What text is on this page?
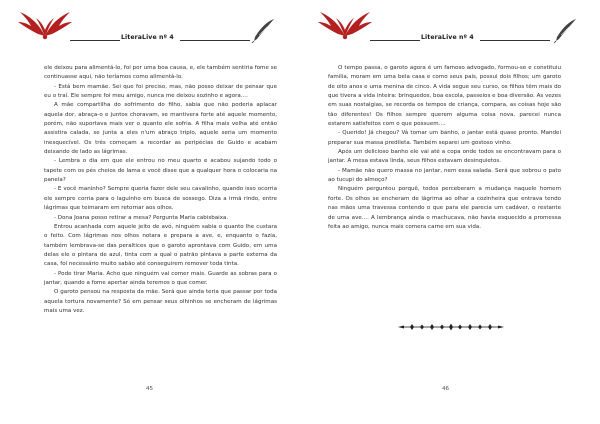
LiteraLive nº 4

ele deixou para alimentá-lo, foi por uma boa causa, e, ele também sentiria fome se continuasse aqui, não teríamos como alimentá-lo.

- Está bem mamãe. Sei que foi preciso, mas, não posso deixar de pensar que eu o traí. Ele sempre foi meu amigo, nunca me deixou sozinho e agora....

A mãe compartilha do sofrimento do filho, sabia que não poderia aplacar aquela dor, abraça-o e juntos choravam, se mantivera forte até aquele momento, porém, não suportava mais ver o quanto ele sofria. A filha mais velha até então assistira calada, se junta a eles n'um abraço triplo, aquele seria um momento inesquecível. Os três começam a recordar as peripécias de Guido e acabam deixando de lado as lágrimas.

- Lembra o dia em que ele entrou no meu quarto e acabou sujando todo o tapete com os pés cheios de lama e você disse que a qualquer hora o colocaria na panela?

- E você maninho? Sempre queria fazer dele seu cavalinho, quando isso ocorria ele sempre corria para o laguinho em busca de sossego. Diza a irmã rindo, entre lágrimas que teimaram em retornar aos olhos.

- Dona Joana posso retirar a mesa? Pergunta Maria cabisbaixa.

Entrou acanhada com aquele jeito de avó, ninguém sabia o quanto lhe custara o feito. Com lágrimas nos olhos notara e prepara a ave, e, enquanto o fazia, também lembrava-se das peraltices que o garoto aprontava com Guido, em uma delas ele o pintara de azul, tinta com a qual o patrão pintava a parte externa da casa, foi necessário muito sabão até conseguirem remover toda tinta.

- Pode tirar Maria. Acho que ninguém vai comer mais. Guarde as sobras para o jantar, quando a fome apertar ainda teremos o que comer.

O garoto pensou na resposta da mãe. Será que ainda teria que passar por toda aquela tortura novamente? Só em pensar seus olhinhos se encheram de lágrimas mais uma vez.

45
LiteraLive nº 4

O tempo passa, o garoto agora é um famoso advogado, formou-se e constituiu família, moram em uma bela casa e como seus pais, possui dois filhos; um garoto de oito anos e uma menina de cinco. A vida segue seu curso, os filhos têm mais do que tivera a vida inteira: brinquedos, boa escola, passeios e boa diversão. As vezes em suas nostalgias, se recorda os tempos de criança, compara, as coisas hoje são tão diferentes! Os filhos sempre querem alguma coisa nova, parecei nunca estarem satisfeitos com o que possuem....

- Querido! Já chegou? Vá tomar um banho, o jantar está quase pronto. Mandei preparar sua massa predileta. Também separei um gostoso vinho.

Após um delicioso banho ele vai até a copa onde todos se encontravam para o jantar. A mesa estava linda, seus filhos estavam desinquietos.

- Mamãe não quero massa no jantar, nem essa salada. Será que sobrou o pato ao tucupi do almoço?

Ninguém perguntou porquê, todos perceberam a mudança naquele homem forte. Os olhos se encheram de lágrima ao olhar a cozinheira que entrava tendo nas mãos uma travessa contendo o que para ele parecia um cadáver, o restante de uma ave.... A lembrança ainda o machucava, não havia esquecido a promessa feita ao amigo, nunca mais comera carne em sua vida.

46
